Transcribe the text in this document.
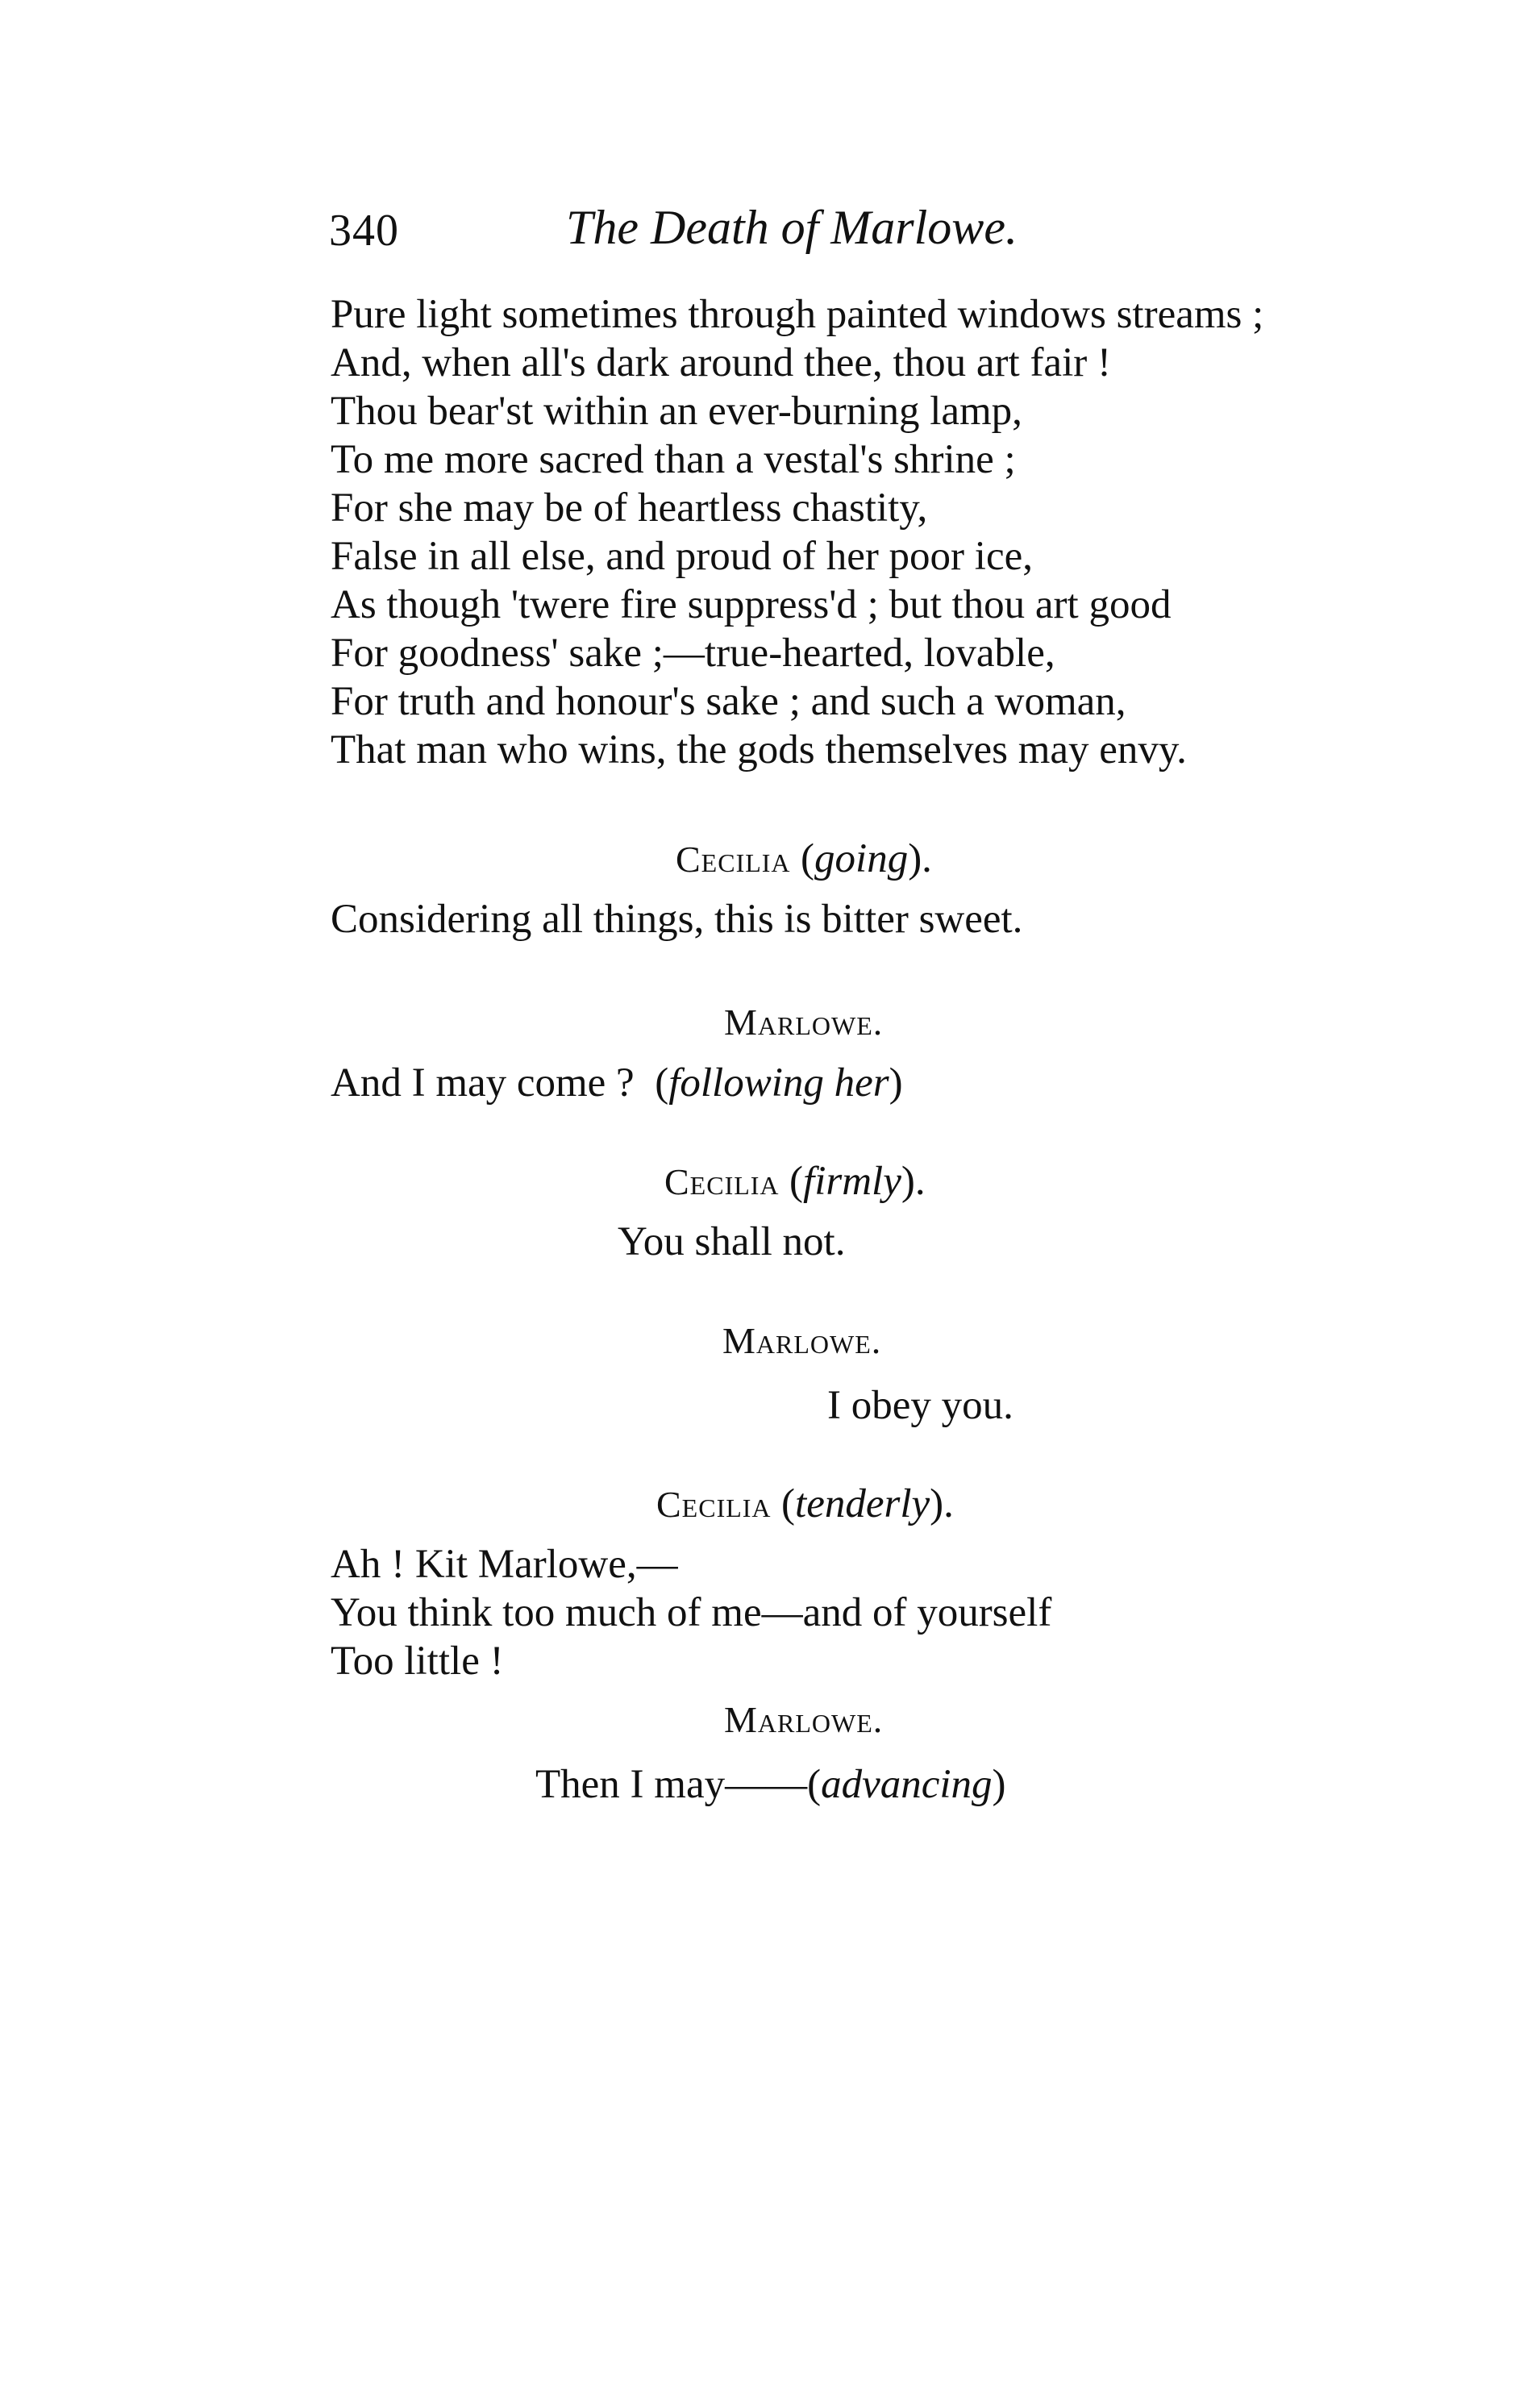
340	The Death of Marlowe.
Pure light sometimes through painted windows streams ;
And, when all's dark around thee, thou art fair !
Thou bear'st within an ever-burning lamp,
To me more sacred than a vestal's shrine ;
For she may be of heartless chastity,
False in all else, and proud of her poor ice,
As though 'twere fire suppress'd ; but thou art good
For goodness' sake ;—true-hearted, lovable,
For truth and honour's sake ; and such a woman,
That man who wins, the gods themselves may envy.
Cecilia (going).
Considering all things, this is bitter sweet.
Marlowe.
And I may come ?  (following her)
Cecilia (firmly).
You shall not.
Marlowe.
I obey you.
Cecilia (tenderly).
Ah ! Kit Marlowe,—
You think too much of me—and of yourself
Too little !
Marlowe.
Then I may——(advancing)
